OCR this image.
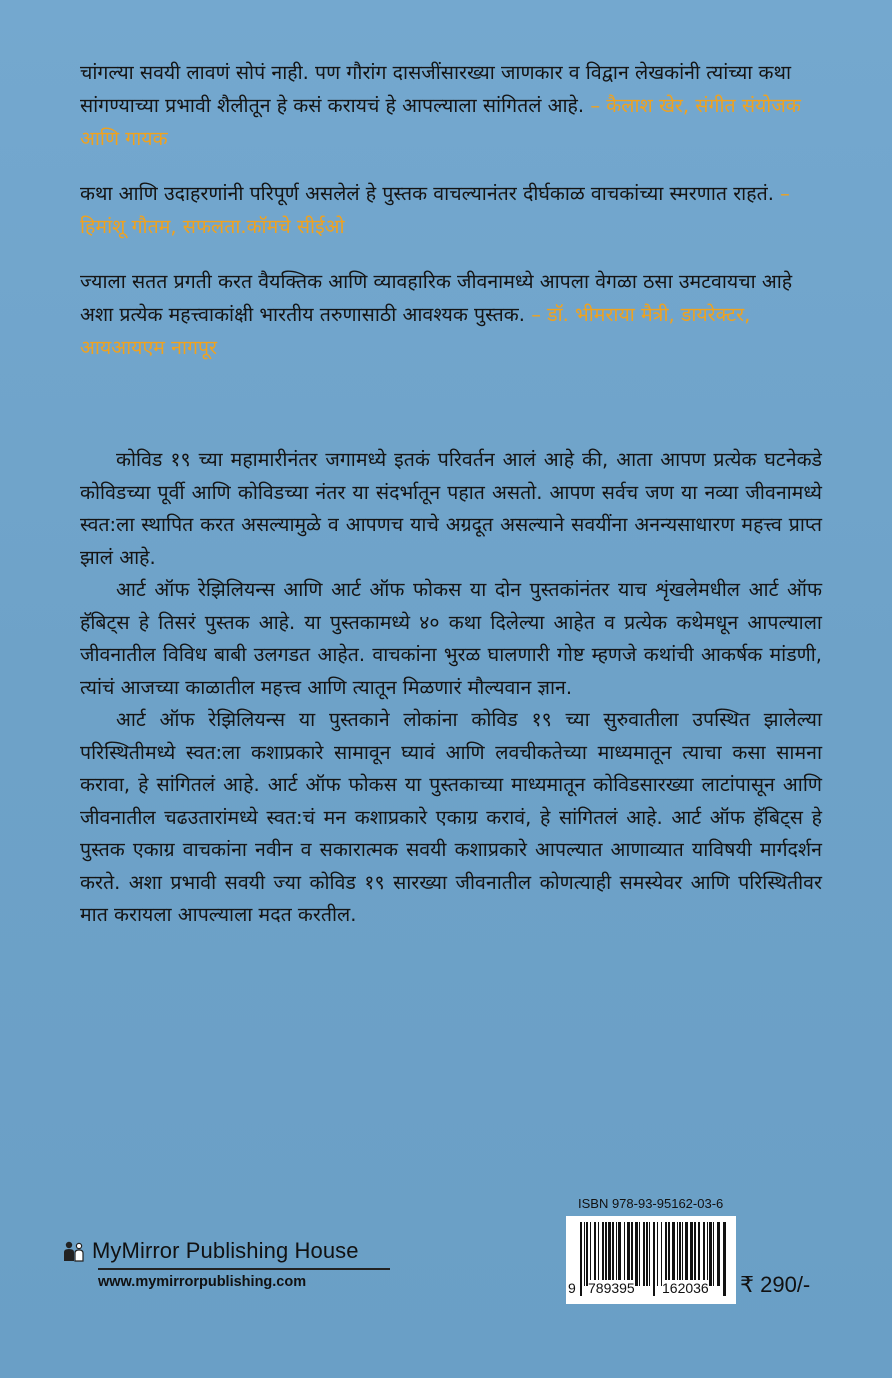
चांगल्या सवयी लावणं सोपं नाही. पण गौरांग दासजींसारख्या जाणकार व विद्वान लेखकांनी त्यांच्या कथा सांगण्याच्या प्रभावी शैलीतून हे कसं करायचं हे आपल्याला सांगितलं आहे. – कैलाश खेर, संगीत संयोजक आणि गायक

कथा आणि उदाहरणांनी परिपूर्ण असलेलं हे पुस्तक वाचल्यानंतर दीर्घकाळ वाचकांच्या स्मरणात राहतं. – हिमांशू गौतम, सफलता.कॉमचे सीईओ

ज्याला सतत प्रगती करत वैयक्तिक आणि व्यावहारिक जीवनामध्ये आपला वेगळा ठसा उमटवायचा आहे अशा प्रत्येक महत्त्वाकांक्षी भारतीय तरुणासाठी आवश्यक पुस्तक. – डॉ. भीमराया मैत्री, डायरेक्टर, आयआयएम नागपूर

कोविड १९ च्या महामारीनंतर जगामध्ये इतकं परिवर्तन आलं आहे की, आता आपण प्रत्येक घटनेकडे कोविडच्या पूर्वी आणि कोविडच्या नंतर या संदर्भातून पहात असतो. आपण सर्वच जण या नव्या जीवनामध्ये स्वत:ला स्थापित करत असल्यामुळे व आपणच याचे अग्रदूत असल्याने सवयींना अनन्यसाधारण महत्त्व प्राप्त झालं आहे.

आर्ट ऑफ रेझिलियन्स आणि आर्ट ऑफ फोकस या दोन पुस्तकांनंतर याच शृंखलेमधील आर्ट ऑफ हॅबिट्स हे तिसरं पुस्तक आहे. या पुस्तकामध्ये ४० कथा दिलेल्या आहेत व प्रत्येक कथेमधून आपल्याला जीवनातील विविध बाबी उलगडत आहेत. वाचकांना भुरळ घालणारी गोष्ट म्हणजे कथांची आकर्षक मांडणी, त्यांचं आजच्या काळातील महत्त्व आणि त्यातून मिळणारं मौल्यवान ज्ञान.

आर्ट ऑफ रेझिलियन्स या पुस्तकाने लोकांना कोविड १९ च्या सुरुवातीला उपस्थित झालेल्या परिस्थितीमध्ये स्वत:ला कशाप्रकारे सामावून घ्यावं आणि लवचीकतेच्या माध्यमातून त्याचा कसा सामना करावा, हे सांगितलं आहे. आर्ट ऑफ फोकस या पुस्तकाच्या माध्यमातून कोविडसारख्या लाटांपासून आणि जीवनातील चढउतारांमध्ये स्वत:चं मन कशाप्रकारे एकाग्र करावं, हे सांगितलं आहे. आर्ट ऑफ हॅबिट्स हे पुस्तक एकाग्र वाचकांना नवीन व सकारात्मक सवयी कशाप्रकारे आपल्यात आणाव्यात याविषयी मार्गदर्शन करते. अशा प्रभावी सवयी ज्या कोविड १९ सारख्या जीवनातील कोणत्याही समस्येवर आणि परिस्थितीवर मात करायला आपल्याला मदत करतील.

MyMirror Publishing House
www.mymirrorpublishing.com
ISBN 978-93-95162-03-6
9 789395 162036 ₹ 290/-
